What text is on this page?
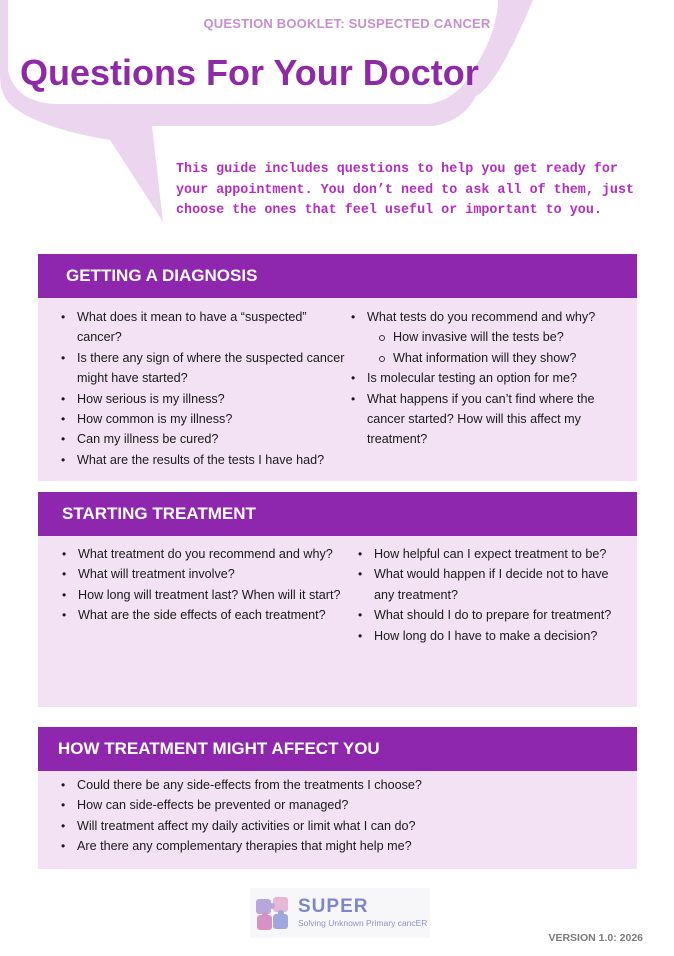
QUESTION BOOKLET: SUSPECTED CANCER
Questions For Your Doctor
This guide includes questions to help you get ready for your appointment. You don’t need to ask all of them, just choose the ones that feel useful or important to you.
GETTING A DIAGNOSIS
• What does it mean to have a “suspected” cancer?
• Is there any sign of where the suspected cancer might have started?
• How serious is my illness?
• How common is my illness?
• Can my illness be cured?
• What are the results of the tests I have had?
• What tests do you recommend and why?
How invasive will the tests be?
What information will they show?
• Is molecular testing an option for me?
• What happens if you can’t find where the cancer started? How will this affect my treatment?
STARTING TREATMENT
• What treatment do you recommend and why?
• What will treatment involve?
• How long will treatment last? When will it start?
• What are the side effects of each treatment?
• How helpful can I expect treatment to be?
• What would happen if I decide not to have any treatment?
• What should I do to prepare for treatment?
• How long do I have to make a decision?
HOW TREATMENT MIGHT AFFECT YOU
• Could there be any side-effects from the treatments I choose?
• How can side-effects be prevented or managed?
• Will treatment affect my daily activities or limit what I can do?
• Are there any complementary therapies that might help me?
SUPER
Solving Unknown Primary cancER
VERSION 1.0: 2026
